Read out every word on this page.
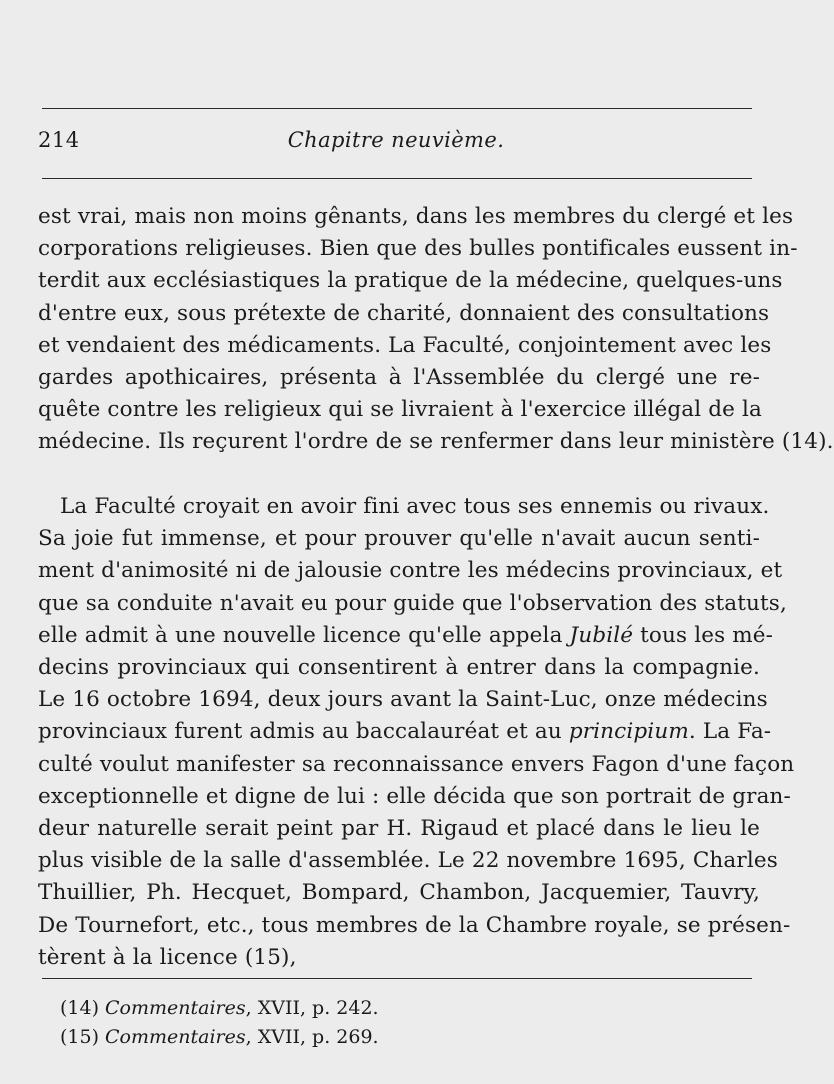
214	Chapitre neuvième.
est vrai, mais non moins gênants, dans les membres du clergé et les
corporations religieuses. Bien que des bulles pontificales eussent in-
terdit aux ecclésiastiques la pratique de la médecine, quelques-uns
d'entre eux, sous prétexte de charité, donnaient des consultations
et vendaient des médicaments. La Faculté, conjointement avec les
gardes apothicaires, présenta à l'Assemblée du clergé une re-
quête contre les religieux qui se livraient à l'exercice illégal de la
médecine. Ils reçurent l'ordre de se renfermer dans leur ministère (14).
La Faculté croyait en avoir fini avec tous ses ennemis ou rivaux.
Sa joie fut immense, et pour prouver qu'elle n'avait aucun senti-
ment d'animosité ni de jalousie contre les médecins provinciaux, et
que sa conduite n'avait eu pour guide que l'observation des statuts,
elle admit à une nouvelle licence qu'elle appela Jubilé tous les mé-
decins provinciaux qui consentirent à entrer dans la compagnie.
Le 16 octobre 1694, deux jours avant la Saint-Luc, onze médecins
provinciaux furent admis au baccalauréat et au principium. La Fa-
culté voulut manifester sa reconnaissance envers Fagon d'une façon
exceptionnelle et digne de lui : elle décida que son portrait de gran-
deur naturelle serait peint par H. Rigaud et placé dans le lieu le
plus visible de la salle d'assemblée. Le 22 novembre 1695, Charles
Thuillier, Ph. Hecquet, Bompard, Chambon, Jacquemier, Tauvry,
De Tournefort, etc., tous membres de la Chambre royale, se présen-
tèrent à la licence (15),
(14) Commentaires, XVII, p. 242.
(15) Commentaires, XVII, p. 269.
